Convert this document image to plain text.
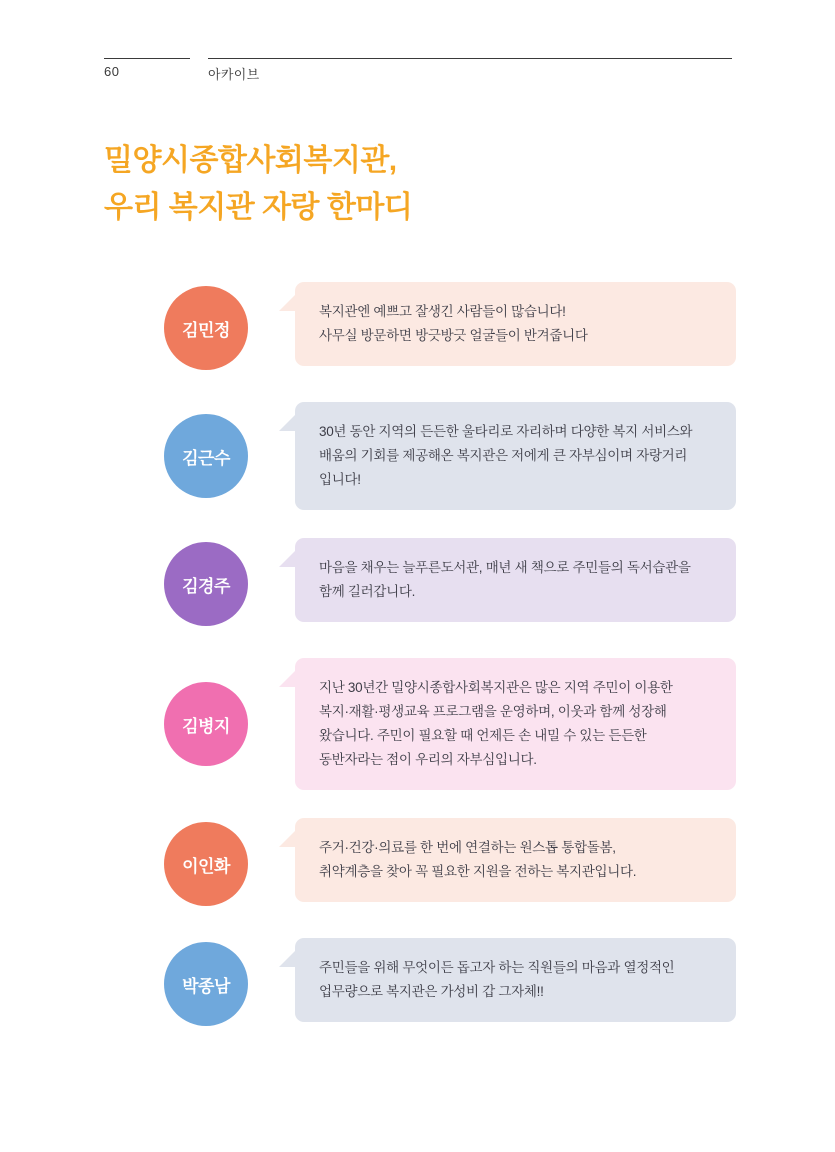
60	아카이브
밀양시종합사회복지관,
우리 복지관 자랑 한마디
김민정
복지관엔 예쁘고 잘생긴 사람들이 많습니다!
사무실 방문하면 방긋방긋 얼굴들이 반겨줍니다
김근수
30년 동안 지역의 든든한 울타리로 자리하며 다양한 복지 서비스와
배움의 기회를 제공해온 복지관은 저에게 큰 자부심이며 자랑거리
입니다!
김경주
마음을 채우는 늘푸른도서관, 매년 새 책으로 주민들의 독서습관을
함께 길러갑니다.
김병지
지난 30년간 밀양시종합사회복지관은 많은 지역 주민이 이용한
복지·재활·평생교육 프로그램을 운영하며, 이웃과 함께 성장해
왔습니다. 주민이 필요할 때 언제든 손 내밀 수 있는 든든한
동반자라는 점이 우리의 자부심입니다.
이인화
주거·건강·의료를 한 번에 연결하는 원스톱 통합돌봄,
취약계층을 찾아 꼭 필요한 지원을 전하는 복지관입니다.
박종남
주민들을 위해 무엇이든 돕고자 하는 직원들의 마음과 열정적인
업무량으로 복지관은 가성비 갑 그자체!!
